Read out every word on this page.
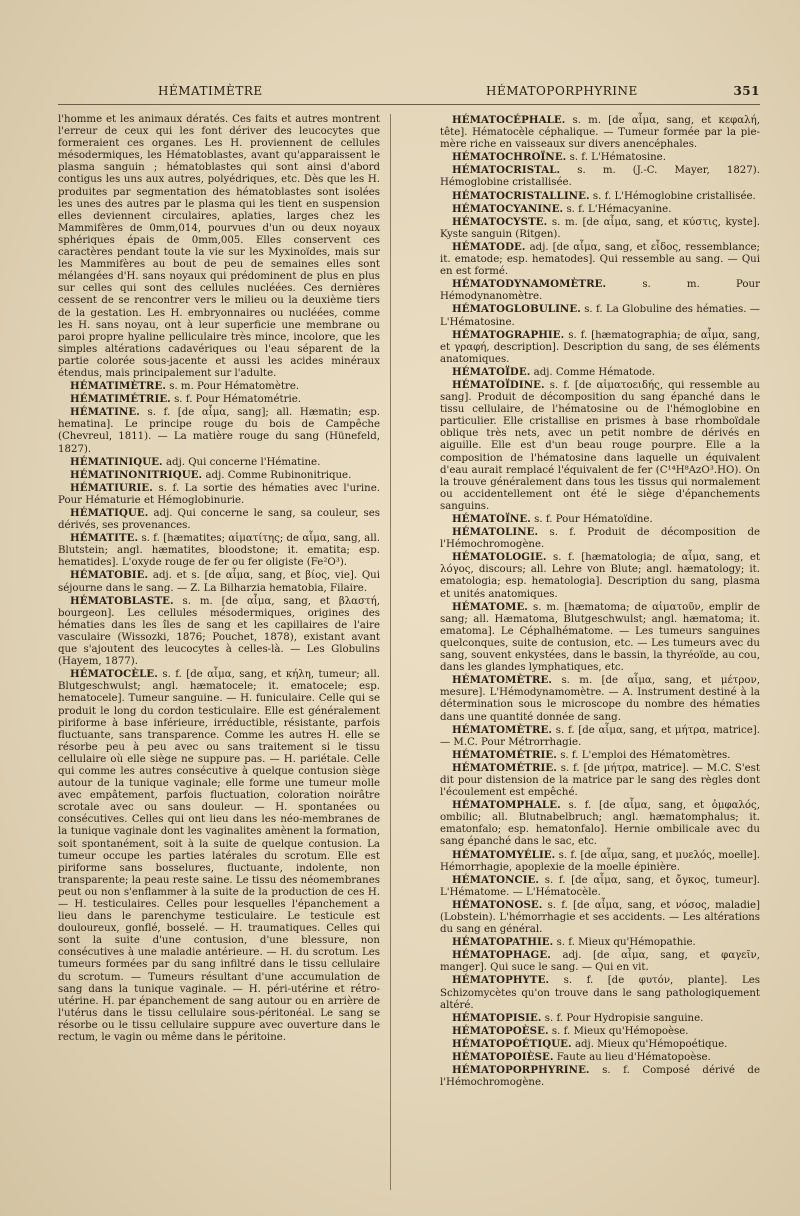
HÉMATIMÈTRE	HÉMATOPORPHYRINE	351

l'homme et les animaux dératés. Ces faits et autres montrent l'erreur de ceux qui les font dériver des leucocytes que formeraient ces organes. Les H. proviennent de cellules mésodermiques, les Hématoblastes, avant qu'apparaissent le plasma sanguin ; hématoblastes qui sont ainsi d'abord contigus les uns aux autres, polyédriques, etc. Dès que les H. produites par segmentation des hématoblastes sont isolées les unes des autres par le plasma qui les tient en suspension elles deviennent circulaires, aplaties, larges chez les Mammifères de 0mm,014, pourvues d'un ou deux noyaux sphériques épais de 0mm,005. Elles conservent ces caractères pendant toute la vie sur les Myxinoïdes, mais sur les Mammifères au bout de peu de semaines elles sont mélangées d'H. sans noyaux qui prédominent de plus en plus sur celles qui sont des cellules nucléées. Ces dernières cessent de se rencontrer vers le milieu ou la deuxième tiers de la gestation. Les H. embryonnaires ou nucléées, comme les H. sans noyau, ont à leur superficie une membrane ou paroi propre hyaline pelliculaire très mince, incolore, que les simples altérations cadavériques ou l'eau séparent de la partie colorée sous-jacente et aussi les acides minéraux étendus, mais principalement sur l'adulte.

HÉMATIMÈTRE. s. m. Pour Hématomètre.

HÉMATIMÉTRIE. s. f. Pour Hématométrie.

HÉMATINE. s. f. [de αἷμα, sang]; all. Hæmatin; esp. hematina]. Le principe rouge du bois de Campêche (Chevreul, 1811). — La matière rouge du sang (Hünefeld, 1827).

HÉMATINIQUE. adj. Qui concerne l'Hématine.

HÉMATINONITRIQUE. adj. Comme Rubinonitrique.

HÉMATIURIE. s. f. La sortie des hématies avec l'urine. Pour Hématurie et Hémoglobinurie.

HÉMATIQUE. adj. Qui concerne le sang, sa couleur, ses dérivés, ses provenances.

HÉMATITE. s. f. [hæmatites; αἱματίτης; de αἷμα, sang, all. Blutstein; angl. hæmatites, bloodstone; it. ematita; esp. hematides]. L'oxyde rouge de fer ou fer oligiste (Fe²O³).

HÉMATOBIE. adj. et s. [de αἷμα, sang, et βίος, vie]. Qui séjourne dans le sang. — Z. La Bilharzia hematobia, Filaire.

HÉMATOBLASTE. s. m. [de αἷμα, sang, et βλαστή, bourgeon]. Les cellules mésodermiques, origines des hématies dans les îles de sang et les capillaires de l'aire vasculaire (Wissozki, 1876; Pouchet, 1878), existant avant que s'ajoutent des leucocytes à celles-là. — Les Globulins (Hayem, 1877).

HÉMATOCÈLE. s. f. [de αἷμα, sang, et κήλη, tumeur; all. Blutgeschwulst; angl. hæmatocele; it. ematocele; esp. hematocele]. Tumeur sanguine. — H. funiculaire. Celle qui se produit le long du cordon testiculaire. Elle est généralement piriforme à base inférieure, irréductible, résistante, parfois fluctuante, sans transparence. Comme les autres H. elle se résorbe peu à peu avec ou sans traitement si le tissu cellulaire où elle siège ne suppure pas. — H. pariétale. Celle qui comme les autres consécutive à quelque contusion siège autour de la tunique vaginale; elle forme une tumeur molle avec empâtement, parfois fluctuation, coloration noirâtre scrotale avec ou sans douleur. — H. spontanées ou consécutives. Celles qui ont lieu dans les néo-membranes de la tunique vaginale dont les vaginalites amènent la formation, soit spontanément, soit à la suite de quelque contusion. La tumeur occupe les parties latérales du scrotum. Elle est piriforme sans bosselures, fluctuante, indolente, non transparente; la peau reste saine. Le tissu des néomembranes peut ou non s'enflammer à la suite de la production de ces H. — H. testiculaires. Celles pour lesquelles l'épanchement a lieu dans le parenchyme testiculaire. Le testicule est douloureux, gonflé, bosselé. — H. traumatiques. Celles qui sont la suite d'une contusion, d'une blessure, non consécutives à une maladie antérieure. — H. du scrotum. Les tumeurs formées par du sang infiltré dans le tissu cellulaire du scrotum. — Tumeurs résultant d'une accumulation de sang dans la tunique vaginale. — H. péri-utérine et rétro-utérine. H. par épanchement de sang autour ou en arrière de l'utérus dans le tissu cellulaire sous-péritonéal. Le sang se résorbe ou le tissu cellulaire suppure avec ouverture dans le rectum, le vagin ou même dans le péritoine.

HÉMATOCÉPHALE. s. m. [de αἷμα, sang, et κεφαλή, tête]. Hématocèle céphalique. — Tumeur formée par la pie-mère riche en vaisseaux sur divers anencéphales.

HÉMATOCHROÏNE. s. f. L'Hématosine.

HÉMATOCRISTAL. s. m. (J.-C. Mayer, 1827). Hémoglobine cristallisée.

HÉMATOCRISTALLINE. s. f. L'Hémoglobine cristallisée.

HÉMATOCYANINE. s. f. L'Hémacyanine.

HÉMATOCYSTE. s. m. [de αἷμα, sang, et κύστις, kyste]. Kyste sanguin (Ritgen).

HÉMATODE. adj. [de αἷμα, sang, et εἶδος, ressemblance; it. ematode; esp. hematodes]. Qui ressemble au sang. — Qui en est formé.

HÉMATODYNAMOMÈTRE.	s. m. Pour Hémodynanomètre.

HÉMATOGLOBULINE. s. f. La Globuline des hématies. — L'Hématosine.

HÉMATOGRAPHIE. s. f. [hæmatographia; de αἷμα, sang, et γραφή, description]. Description du sang, de ses éléments anatomiques.

HÉMATOÏDE. adj. Comme Hématode.

HÉMATOÏDINE. s. f. [de αἱματοειδής, qui ressemble au sang]. Produit de décomposition du sang épanché dans le tissu cellulaire, de l'hématosine ou de l'hémoglobine en particulier. Elle cristallise en prismes à base rhomboïdale oblique très nets, avec un petit nombre de dérivés en aiguille. Elle est d'un beau rouge pourpre. Elle a la composition de l'hématosine dans laquelle un équivalent d'eau aurait remplacé l'équivalent de fer (C¹⁴H⁸AzO³.HO). On la trouve généralement dans tous les tissus qui normalement ou accidentellement ont été le siège d'épanchements sanguins.

HÉMATOÏNE. s. f. Pour Hématoïdine.

HÉMATOLINE. s. f. Produit de décomposition de l'Hémochromogène.

HÉMATOLOGIE. s. f. [hæmatologia; de αἷμα, sang, et λόγος, discours; all. Lehre von Blute; angl. hæmatology; it. ematologia; esp. hematologia]. Description du sang, plasma et unités anatomiques.

HÉMATOME. s. m. [hæmatoma; de αἱματοῦν, emplir de sang; all. Hæmatoma, Blutgeschwulst; angl. hæmatoma; it. ematoma]. Le Céphalhématome. — Les tumeurs sanguines quelconques, suite de contusion, etc. — Les tumeurs avec du sang, souvent enkystées, dans le bassin, la thyréoïde, au cou, dans les glandes lymphatiques, etc.

HÉMATOMÈTRE. s. m. [de αἷμα, sang, et μέτρον, mesure]. L'Hémodynamomètre. — A. Instrument destiné à la détermination sous le microscope du nombre des hématies dans une quantité donnée de sang.

HÉMATOMÈTRE. s. f. [de αἷμα, sang, et μήτρα, matrice]. — M.C. Pour Métrorrhagie.

HÉMATOMÉTRIE. s. f. L'emploi des Hématomètres.

HÉMATOMÉTRIE. s. f. [de μήτρα, matrice]. — M.C. S'est dit pour distension de la matrice par le sang des règles dont l'écoulement est empêché.

HÉMATOMPHALE. s. f. [de αἷμα, sang, et ὀμφαλός, ombilic; all. Blutnabelbruch; angl. hæmatomphalus; it. ematonfalo; esp. hematonfalo]. Hernie ombilicale avec du sang épanché dans le sac, etc.

HÉMATOMYÉLIE. s. f. [de αἷμα, sang, et μυελός, moelle]. Hémorrhagie, apoplexie de la moelle épinière.

HÉMATONCIE. s. f. [de αἷμα, sang, et ὄγκος, tumeur]. L'Hématome. — L'Hématocèle.

HÉMATONOSE. s. f. [de αἷμα, sang, et νόσος, maladie] (Lobstein). L'hémorrhagie et ses accidents. — Les altérations du sang en général.

HÉMATOPATHIE. s. f. Mieux qu'Hémopathie.

HÉMATOPHAGE. adj. [de αἷμα, sang, et φαγεῖν, manger]. Qui suce le sang. — Qui en vit.

HÉMATOPHYTE. s. f. [de φυτόν, plante]. Les Schizomycètes qu'on trouve dans le sang pathologiquement altéré.

HÉMATOPISIE. s. f. Pour Hydropisie sanguine.

HÉMATOPOÈSE. s. f. Mieux qu'Hémopoèse.

HÉMATOPOÉTIQUE. adj. Mieux qu'Hémopoétique.

HÉMATOPOIÈSE. Faute au lieu d'Hématopoèse.

HÉMATOPORPHYRINE. s. f. Composé dérivé de l'Hémochromogène.
